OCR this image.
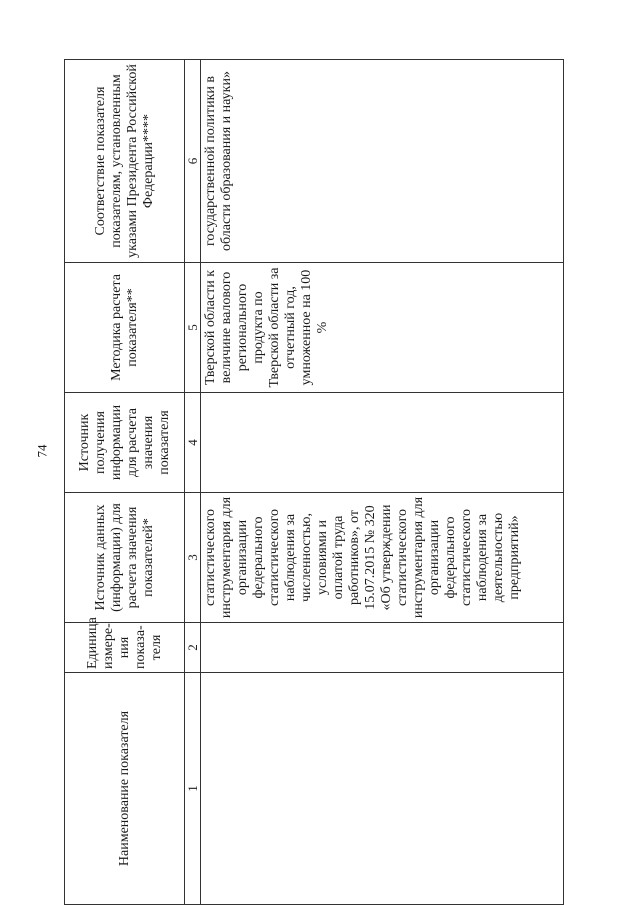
74
Наименование показателя	Единица измере-ния показа-теля	Источник данных (информации) для расчета значения показателей*	Источник получения информации для расчета значения показателя	Методика расчета показателя**	Соответствие показателя показателям, установленным указами Президента Российской Федерации****

1	2	3	4	5	6

		статистического инструментария для организации федерального статистического наблюдения за численностью, условиями и оплатой труда работников», от 15.07.2015 № 320 «Об утверждении статистического инструментария для организации федерального статистического наблюдения за деятельностью предприятий»		Тверской области к величине валового регионального продукта по Тверской области за отчетный год, умноженное на 100 %	государственной политики в области образования и науки»
